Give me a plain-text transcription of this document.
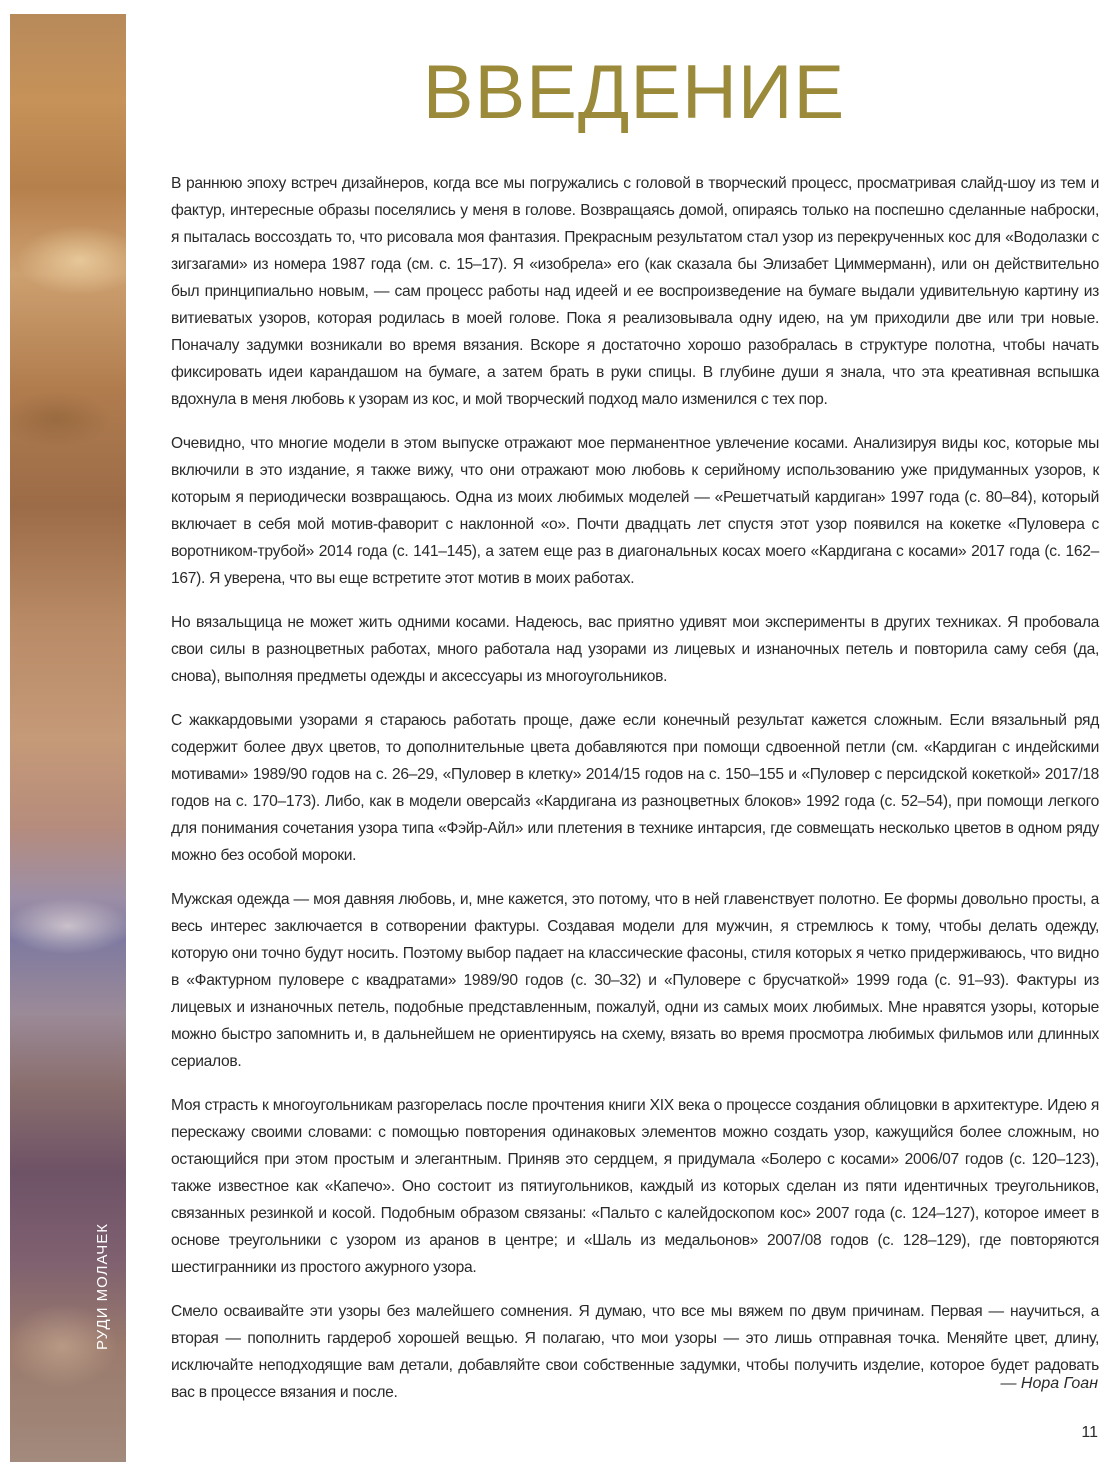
РУДИ МОЛАЧЕК
ВВЕДЕНИЕ

В раннюю эпоху встреч дизайнеров, когда все мы погружались с головой в творческий процесс, просматривая слайд-шоу из тем и фактур, интересные образы поселялись у меня в голове. Возвращаясь домой, опираясь только на поспешно сделанные наброски, я пыталась воссоздать то, что рисовала моя фантазия. Прекрасным результатом стал узор из перекрученных кос для «Водолазки с зигзагами» из номера 1987 года (см. с. 15–17). Я «изобрела» его (как сказала бы Элизабет Циммерманн), или он действительно был принципиально новым, — сам процесс работы над идеей и ее воспроизведение на бумаге выдали удивительную картину из витиеватых узоров, которая родилась в моей голове. Пока я реализовывала одну идею, на ум приходили две или три новые. Поначалу задумки возникали во время вязания. Вскоре я достаточно хорошо разобралась в структуре полотна, чтобы начать фиксировать идеи карандашом на бумаге, а затем брать в руки спицы. В глубине души я знала, что эта креативная вспышка вдохнула в меня любовь к узорам из кос, и мой творческий подход мало изменился с тех пор.

Очевидно, что многие модели в этом выпуске отражают мое перманентное увлечение косами. Анализируя виды кос, которые мы включили в это издание, я также вижу, что они отражают мою любовь к серийному использованию уже придуманных узоров, к которым я периодически возвращаюсь. Одна из моих любимых моделей — «Решетчатый кардиган» 1997 года (с. 80–84), который включает в себя мой мотив-фаворит с наклонной «о». Почти двадцать лет спустя этот узор появился на кокетке «Пуловера с воротником-трубой» 2014 года (с. 141–145), а затем еще раз в диагональных косах моего «Кардигана с косами» 2017 года (с. 162–167). Я уверена, что вы еще встретите этот мотив в моих работах.

Но вязальщица не может жить одними косами. Надеюсь, вас приятно удивят мои эксперименты в других техниках. Я пробовала свои силы в разноцветных работах, много работала над узорами из лицевых и изнаночных петель и повторила саму себя (да, снова), выполняя предметы одежды и аксессуары из многоугольников.

С жаккардовыми узорами я стараюсь работать проще, даже если конечный результат кажется сложным. Если вязальный ряд содержит более двух цветов, то дополнительные цвета добавляются при помощи сдвоенной петли (см. «Кардиган с индейскими мотивами» 1989/90 годов на с. 26–29, «Пуловер в клетку» 2014/15 годов на с. 150–155 и «Пуловер с персидской кокеткой» 2017/18 годов на с. 170–173). Либо, как в модели оверсайз «Кардигана из разноцветных блоков» 1992 года (с. 52–54), при помощи легкого для понимания сочетания узора типа «Фэйр-Айл» или плетения в технике интарсия, где совмещать несколько цветов в одном ряду можно без особой мороки.

Мужская одежда — моя давняя любовь, и, мне кажется, это потому, что в ней главенствует полотно. Ее формы довольно просты, а весь интерес заключается в сотворении фактуры. Создавая модели для мужчин, я стремлюсь к тому, чтобы делать одежду, которую они точно будут носить. Поэтому выбор падает на классические фасоны, стиля которых я четко придерживаюсь, что видно в «Фактурном пуловере с квадратами» 1989/90 годов (с. 30–32) и «Пуловере с брусчаткой» 1999 года (с. 91–93). Фактуры из лицевых и изнаночных петель, подобные представленным, пожалуй, одни из самых моих любимых. Мне нравятся узоры, которые можно быстро запомнить и, в дальнейшем не ориентируясь на схему, вязать во время просмотра любимых фильмов или длинных сериалов.

Моя страсть к многоугольникам разгорелась после прочтения книги XIX века о процессе создания облицовки в архитектуре. Идею я перескажу своими словами: с помощью повторения одинаковых элементов можно создать узор, кажущийся более сложным, но остающийся при этом простым и элегантным. Приняв это сердцем, я придумала «Болеро с косами» 2006/07 годов (с. 120–123), также известное как «Капечо». Оно состоит из пятиугольников, каждый из которых сделан из пяти идентичных треугольников, связанных резинкой и косой. Подобным образом связаны: «Пальто с калейдоскопом кос» 2007 года (с. 124–127), которое имеет в основе треугольники с узором из аранов в центре; и «Шаль из медальонов» 2007/08 годов (с. 128–129), где повторяются шестигранники из простого ажурного узора.

Смело осваивайте эти узоры без малейшего сомнения. Я думаю, что все мы вяжем по двум причинам. Первая — научиться, а вторая — пополнить гардероб хорошей вещью. Я полагаю, что мои узоры — это лишь отправная точка. Меняйте цвет, длину, исключайте неподходящие вам детали, добавляйте свои собственные задумки, чтобы получить изделие, которое будет радовать вас в процессе вязания и после.

— Нора Гоан
11
